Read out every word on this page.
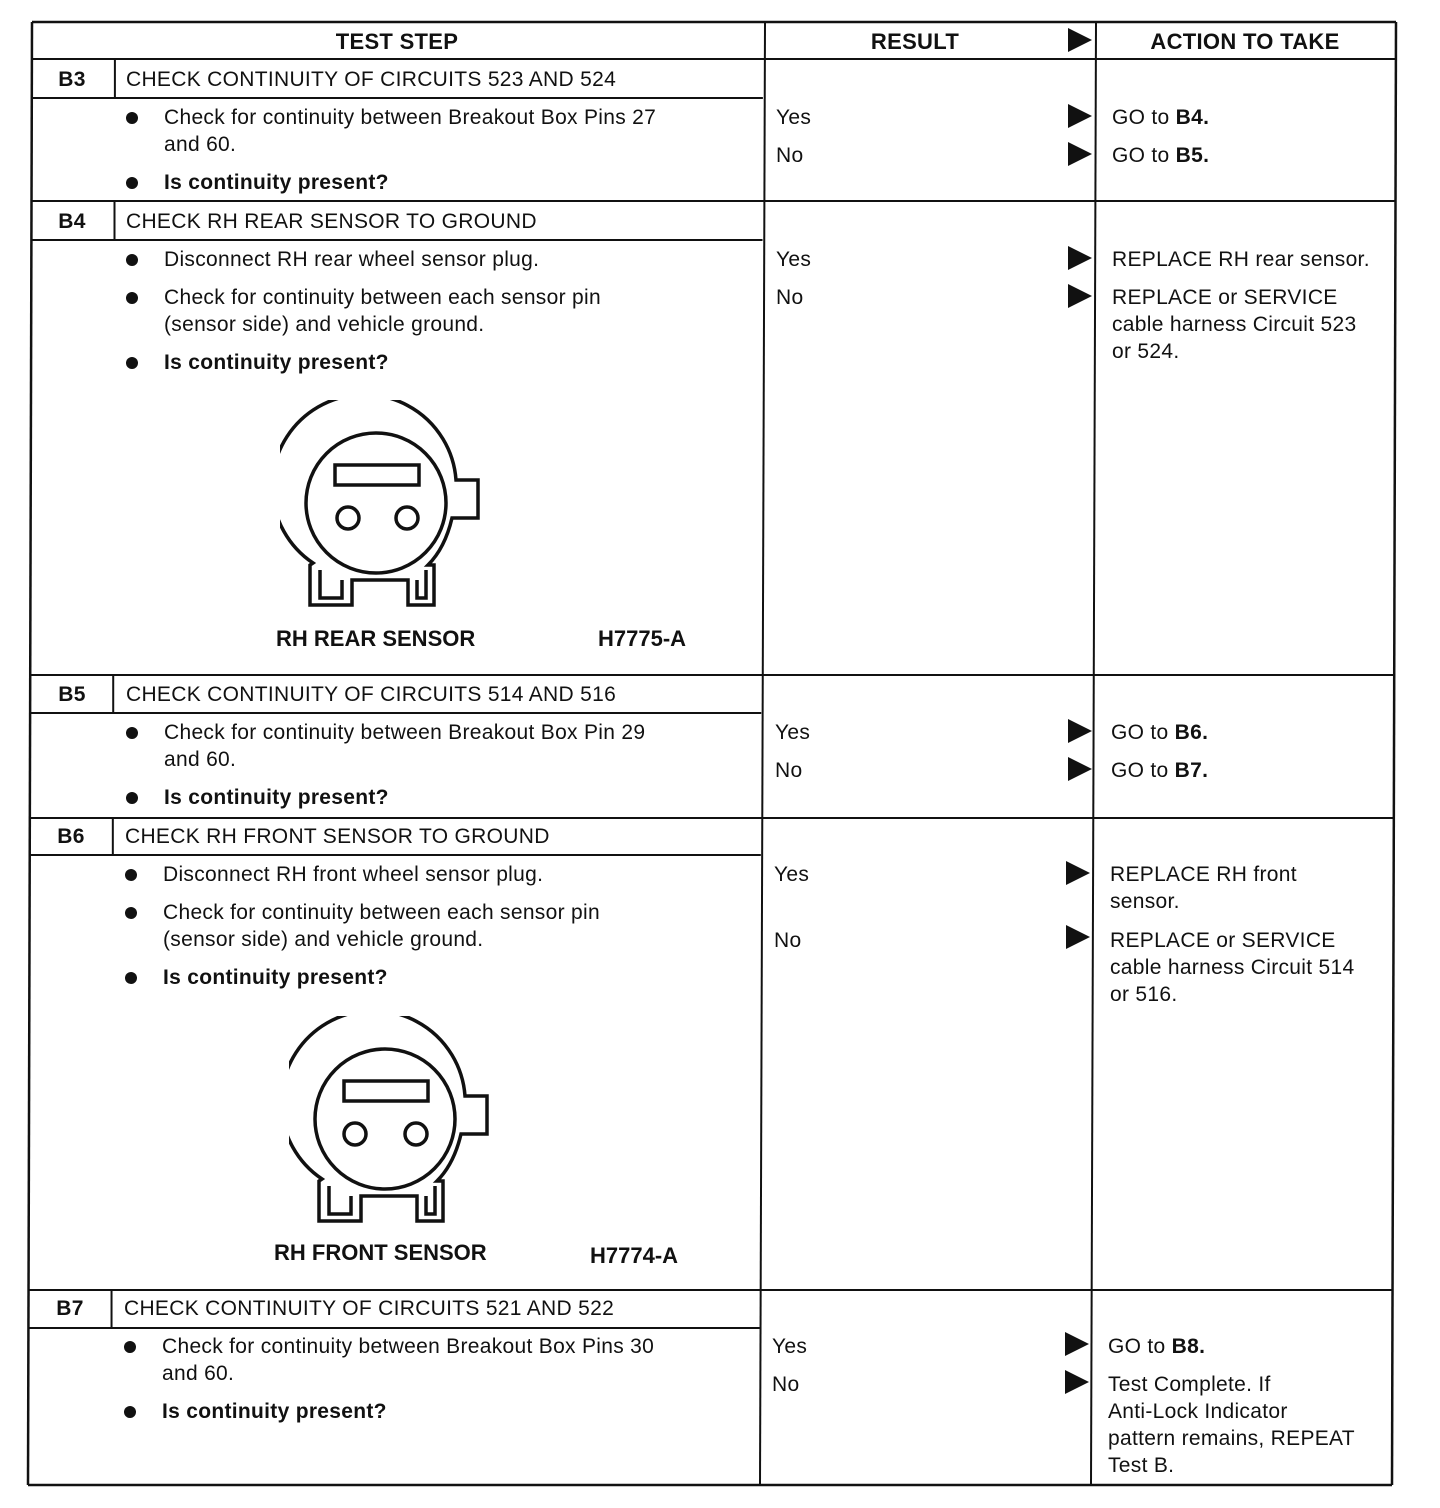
TEST STEP	RESULT	ACTION TO TAKE
B3	CHECK CONTINUITY OF CIRCUITS 523 AND 524
Check for continuity between Breakout Box Pins 27
and 60.
Is continuity present?
Yes	GO to B4.
No	GO to B5.
B4	CHECK RH REAR SENSOR TO GROUND
Disconnect RH rear wheel sensor plug.
Check for continuity between each sensor pin
(sensor side) and vehicle ground.
Is continuity present?
RH REAR SENSOR	H7775-A
Yes	REPLACE RH rear sensor.
No	REPLACE or SERVICE
cable harness Circuit 523
or 524.
B5	CHECK CONTINUITY OF CIRCUITS 514 AND 516
Check for continuity between Breakout Box Pin 29
and 60.
Is continuity present?
Yes	GO to B6.
No	GO to B7.
B6	CHECK RH FRONT SENSOR TO GROUND
Disconnect RH front wheel sensor plug.
Check for continuity between each sensor pin
(sensor side) and vehicle ground.
Is continuity present?
RH FRONT SENSOR	H7774-A
Yes	REPLACE RH front
sensor.
No	REPLACE or SERVICE
cable harness Circuit 514
or 516.
B7	CHECK CONTINUITY OF CIRCUITS 521 AND 522
Check for continuity between Breakout Box Pins 30
and 60.
Is continuity present?
Yes	GO to B8.
No	Test Complete. If
Anti-Lock Indicator
pattern remains, REPEAT
Test B.
